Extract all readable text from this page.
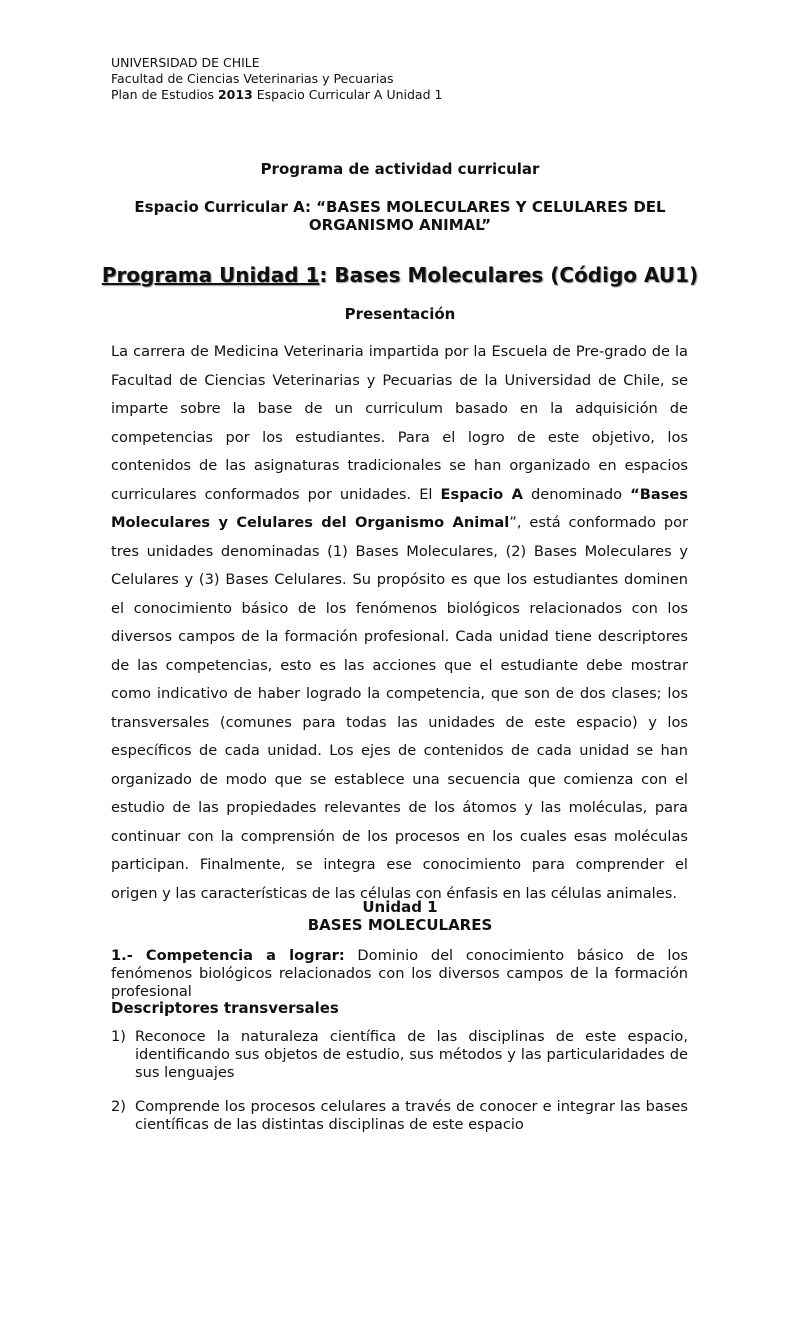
UNIVERSIDAD DE CHILE
Facultad de Ciencias Veterinarias y Pecuarias
Plan de Estudios 2013 Espacio Curricular A Unidad 1
Programa de actividad curricular
Espacio Curricular A: “BASES MOLECULARES Y CELULARES DEL ORGANISMO ANIMAL”
Programa Unidad 1: Bases Moleculares (Código AU1)
Presentación
La carrera de Medicina Veterinaria impartida por la Escuela de Pre-grado de la Facultad de Ciencias Veterinarias y Pecuarias de la Universidad de Chile, se imparte sobre la base de un curriculum basado en la adquisición de competencias por los estudiantes. Para el logro de este objetivo, los contenidos de las asignaturas tradicionales se han organizado en espacios curriculares conformados por unidades. El Espacio A denominado “Bases Moleculares y Celulares del Organismo Animal”, está conformado por tres unidades denominadas (1) Bases Moleculares, (2) Bases Moleculares y Celulares y (3) Bases Celulares. Su propósito es que los estudiantes dominen el conocimiento básico de los fenómenos biológicos relacionados con los diversos campos de la formación profesional. Cada unidad tiene descriptores de las competencias, esto es las acciones que el estudiante debe mostrar como indicativo de haber logrado la competencia, que son de dos clases; los transversales (comunes para todas las unidades de este espacio) y los específicos de cada unidad. Los ejes de contenidos de cada unidad se han organizado de modo que se establece una secuencia que comienza con el estudio de las propiedades relevantes de los átomos y las moléculas, para continuar con la comprensión de los procesos en los cuales esas moléculas participan. Finalmente, se integra ese conocimiento para comprender el origen y las características de las células con énfasis en las células animales.
Unidad 1
BASES MOLECULARES
1.- Competencia a lograr: Dominio del conocimiento básico de los fenómenos biológicos relacionados con los diversos campos de la formación profesional
Descriptores transversales
1) Reconoce la naturaleza científica de las disciplinas de este espacio, identificando sus objetos de estudio, sus métodos y las particularidades de sus lenguajes
2) Comprende los procesos celulares a través de conocer e integrar las bases científicas de las distintas disciplinas de este espacio
